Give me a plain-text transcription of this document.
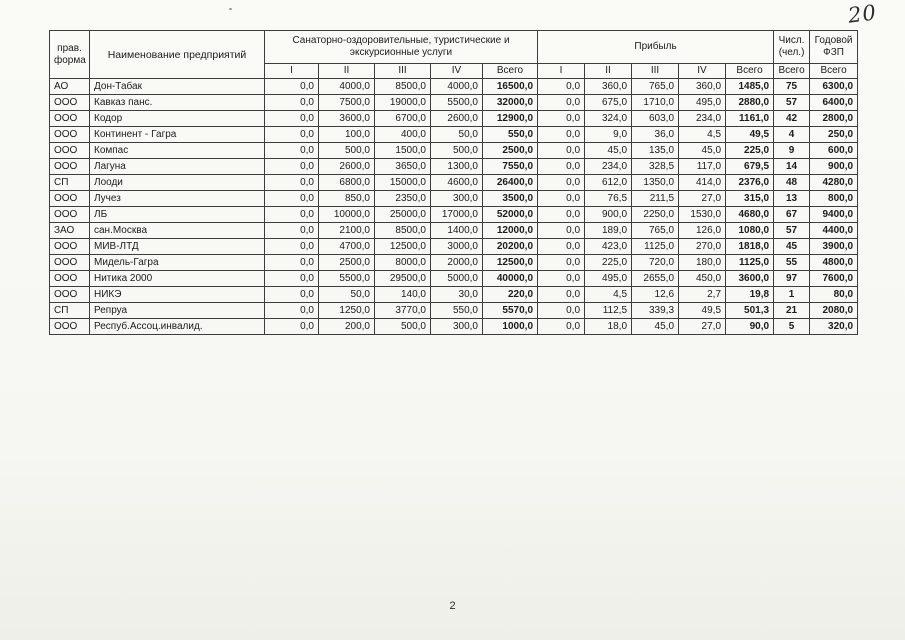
20
прав. форма	Наименование предприятий	Санаторно-оздоровительные, туристические и экскурсионные услуги					Прибыль					Числ. (чел.)	Годовой ФЗП
		I	II	III	IV	Всего	I	II	III	IV	Всего	Всего	Всего
АО	Дон-Табак	0,0	4000,0	8500,0	4000,0	16500,0	0,0	360,0	765,0	360,0	1485,0	75	6300,0
ООО	Кавказ панс.	0,0	7500,0	19000,0	5500,0	32000,0	0,0	675,0	1710,0	495,0	2880,0	57	6400,0
ООО	Кодор	0,0	3600,0	6700,0	2600,0	12900,0	0,0	324,0	603,0	234,0	1161,0	42	2800,0
ООО	Континент - Гагра	0,0	100,0	400,0	50,0	550,0	0,0	9,0	36,0	4,5	49,5	4	250,0
ООО	Компас	0,0	500,0	1500,0	500,0	2500,0	0,0	45,0	135,0	45,0	225,0	9	600,0
ООО	Лагуна	0,0	2600,0	3650,0	1300,0	7550,0	0,0	234,0	328,5	117,0	679,5	14	900,0
СП	Лооди	0,0	6800,0	15000,0	4600,0	26400,0	0,0	612,0	1350,0	414,0	2376,0	48	4280,0
ООО	Лучез	0,0	850,0	2350,0	300,0	3500,0	0,0	76,5	211,5	27,0	315,0	13	800,0
ООО	ЛБ	0,0	10000,0	25000,0	17000,0	52000,0	0,0	900,0	2250,0	1530,0	4680,0	67	9400,0
ЗАО	сан.Москва	0,0	2100,0	8500,0	1400,0	12000,0	0,0	189,0	765,0	126,0	1080,0	57	4400,0
ООО	МИВ-ЛТД	0,0	4700,0	12500,0	3000,0	20200,0	0,0	423,0	1125,0	270,0	1818,0	45	3900,0
ООО	Мидель-Гагра	0,0	2500,0	8000,0	2000,0	12500,0	0,0	225,0	720,0	180,0	1125,0	55	4800,0
ООО	Нитика 2000	0,0	5500,0	29500,0	5000,0	40000,0	0,0	495,0	2655,0	450,0	3600,0	97	7600,0
ООО	НИКЭ	0,0	50,0	140,0	30,0	220,0	0,0	4,5	12,6	2,7	19,8	1	80,0
СП	Репруа	0,0	1250,0	3770,0	550,0	5570,0	0,0	112,5	339,3	49,5	501,3	21	2080,0
ООО	Респуб.Ассоц.инвалид.	0,0	200,0	500,0	300,0	1000,0	0,0	18,0	45,0	27,0	90,0	5	320,0
2
